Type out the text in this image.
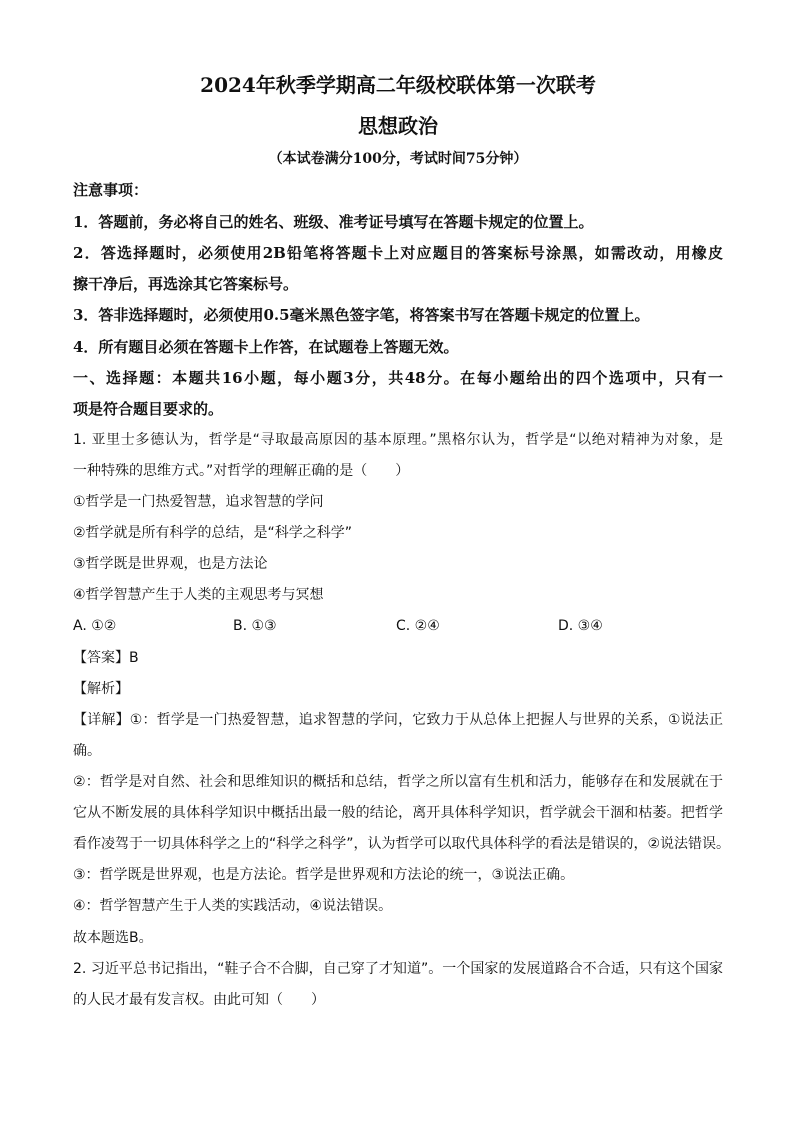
2024年秋季学期高二年级校联体第一次联考
思想政治
（本试卷满分100分，考试时间75分钟）
注意事项：
1．答题前，务必将自己的姓名、班级、准考证号填写在答题卡规定的位置上。
2．答选择题时，必须使用2B铅笔将答题卡上对应题目的答案标号涂黑，如需改动，用橡皮
擦干净后，再选涂其它答案标号。
3．答非选择题时，必须使用0.5毫米黑色签字笔，将答案书写在答题卡规定的位置上。
4．所有题目必须在答题卡上作答，在试题卷上答题无效。
一、选择题：本题共16小题，每小题3分，共48分。在每小题给出的四个选项中，只有一
项是符合题目要求的。
1. 亚里士多德认为，哲学是“寻取最高原因的基本原理。”黑格尔认为，哲学是“以绝对精神为对象，是
一种特殊的思维方式。”对哲学的理解正确的是（　　）
①哲学是一门热爱智慧，追求智慧的学问
②哲学就是所有科学的总结，是“科学之科学”
③哲学既是世界观，也是方法论
④哲学智慧产生于人类的主观思考与冥想
A. ①②	B. ①③	C. ②④	D. ③④
【答案】B
【解析】
【详解】①：哲学是一门热爱智慧，追求智慧的学问，它致力于从总体上把握人与世界的关系，①说法正
确。
②：哲学是对自然、社会和思维知识的概括和总结，哲学之所以富有生机和活力，能够存在和发展就在于
它从不断发展的具体科学知识中概括出最一般的结论，离开具体科学知识，哲学就会干涸和枯萎。把哲学
看作凌驾于一切具体科学之上的“科学之科学”，认为哲学可以取代具体科学的看法是错误的，②说法错误。
③：哲学既是世界观，也是方法论。哲学是世界观和方法论的统一，③说法正确。
④：哲学智慧产生于人类的实践活动，④说法错误。
故本题选B。
2. 习近平总书记指出，“鞋子合不合脚，自己穿了才知道”。一个国家的发展道路合不合适，只有这个国家
的人民才最有发言权。由此可知（　　）
